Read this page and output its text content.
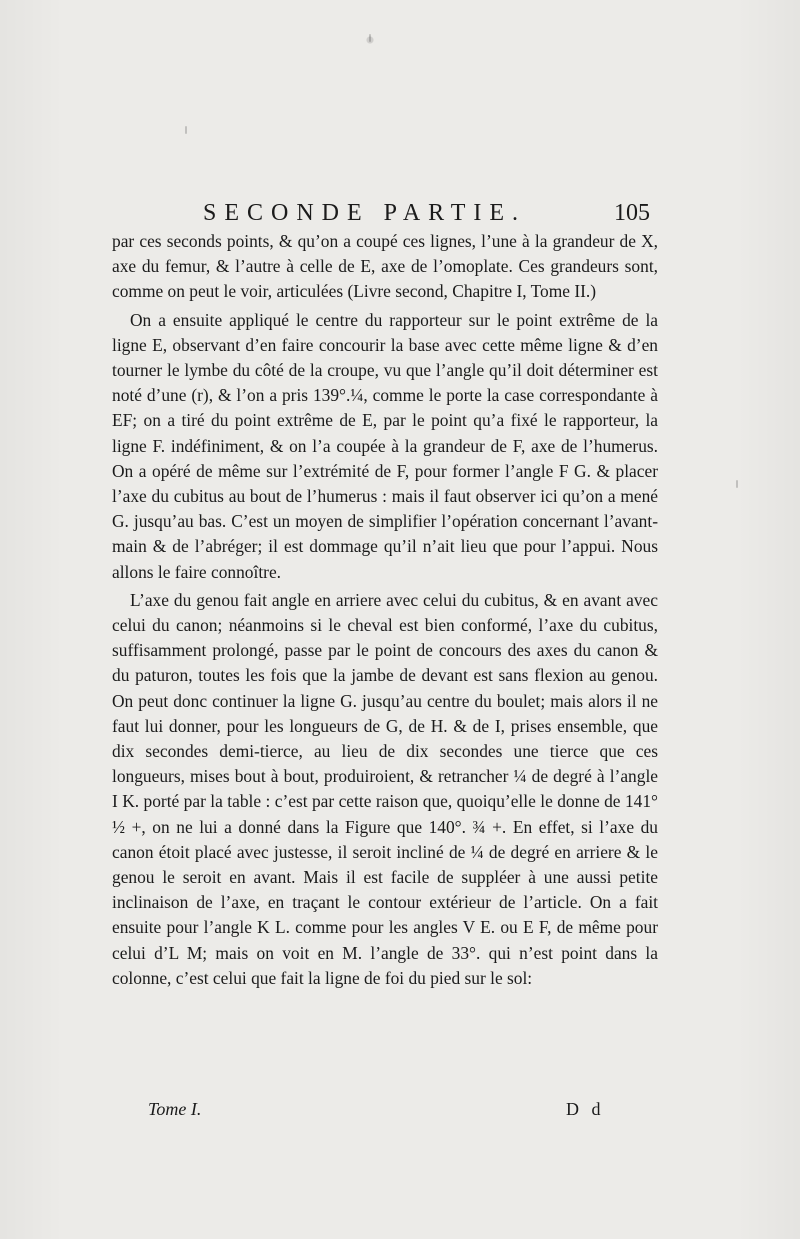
SECONDE PARTIE.	105

par ces seconds points, & qu’on a coupé ces lignes, l’une à la grandeur de X, axe du femur, & l’autre à celle de E, axe de l’omoplate. Ces grandeurs sont, comme on peut le voir, articulées (Livre second, Chapitre I, Tome II.)

On a ensuite appliqué le centre du rapporteur sur le point extrême de la ligne E, observant d’en faire concourir la base avec cette même ligne & d’en tourner le lymbe du côté de la croupe, vu que l’angle qu’il doit déterminer est noté d’une (r), & l’on a pris 139°.¼, comme le porte la case correspondante à EF; on a tiré du point extrême de E, par le point qu’a fixé le rapporteur, la ligne F. indéfiniment, & on l’a coupée à la grandeur de F, axe de l’humerus. On a opéré de même sur l’extrémité de F, pour former l’angle F G. & placer l’axe du cubitus au bout de l’humerus : mais il faut observer ici qu’on a mené G. jusqu’au bas. C’est un moyen de simplifier l’opération concernant l’avant-main & de l’abréger; il est dommage qu’il n’ait lieu que pour l’appui. Nous allons le faire connoître.

L’axe du genou fait angle en arriere avec celui du cubitus, & en avant avec celui du canon; néanmoins si le cheval est bien conformé, l’axe du cubitus, suffisamment prolongé, passe par le point de concours des axes du canon & du paturon, toutes les fois que la jambe de devant est sans flexion au genou. On peut donc continuer la ligne G. jusqu’au centre du boulet; mais alors il ne faut lui donner, pour les longueurs de G, de H. & de I, prises ensemble, que dix secondes demi-tierce, au lieu de dix secondes une tierce que ces longueurs, mises bout à bout, produiroient, & retrancher ¼ de degré à l’angle I K. porté par la table : c’est par cette raison que, quoiqu’elle le donne de 141° ½ +, on ne lui a donné dans la Figure que 140°. ¾ +. En effet, si l’axe du canon étoit placé avec justesse, il seroit incliné de ¼ de degré en arriere & le genou le seroit en avant. Mais il est facile de suppléer à une aussi petite inclinaison de l’axe, en traçant le contour extérieur de l’article. On a fait ensuite pour l’angle K L. comme pour les angles V E. ou E F, de même pour celui d’L M; mais on voit en M. l’angle de 33°. qui n’est point dans la colonne, c’est celui que fait la ligne de foi du pied sur le sol:

Tome I.	D d
